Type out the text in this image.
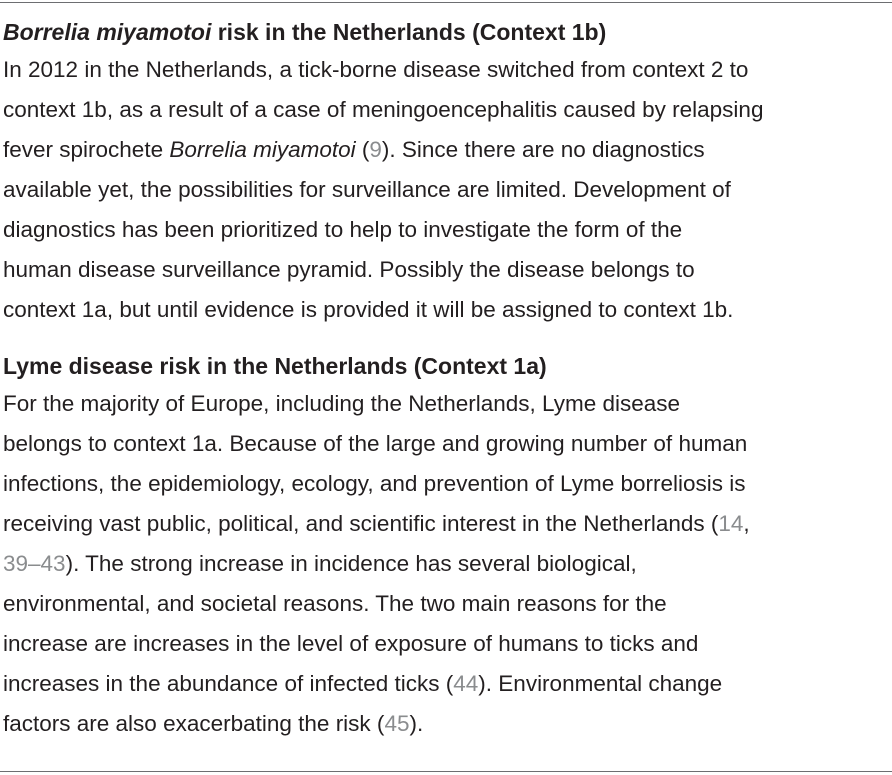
Borrelia miyamotoi risk in the Netherlands (Context 1b)

In 2012 in the Netherlands, a tick-borne disease switched from context 2 to
context 1b, as a result of a case of meningoencephalitis caused by relapsing
fever spirochete Borrelia miyamotoi (9). Since there are no diagnostics
available yet, the possibilities for surveillance are limited. Development of
diagnostics has been prioritized to help to investigate the form of the
human disease surveillance pyramid. Possibly the disease belongs to
context 1a, but until evidence is provided it will be assigned to context 1b.

Lyme disease risk in the Netherlands (Context 1a)

For the majority of Europe, including the Netherlands, Lyme disease
belongs to context 1a. Because of the large and growing number of human
infections, the epidemiology, ecology, and prevention of Lyme borreliosis is
receiving vast public, political, and scientific interest in the Netherlands (14,
39–43). The strong increase in incidence has several biological,
environmental, and societal reasons. The two main reasons for the
increase are increases in the level of exposure of humans to ticks and
increases in the abundance of infected ticks (44). Environmental change
factors are also exacerbating the risk (45).
